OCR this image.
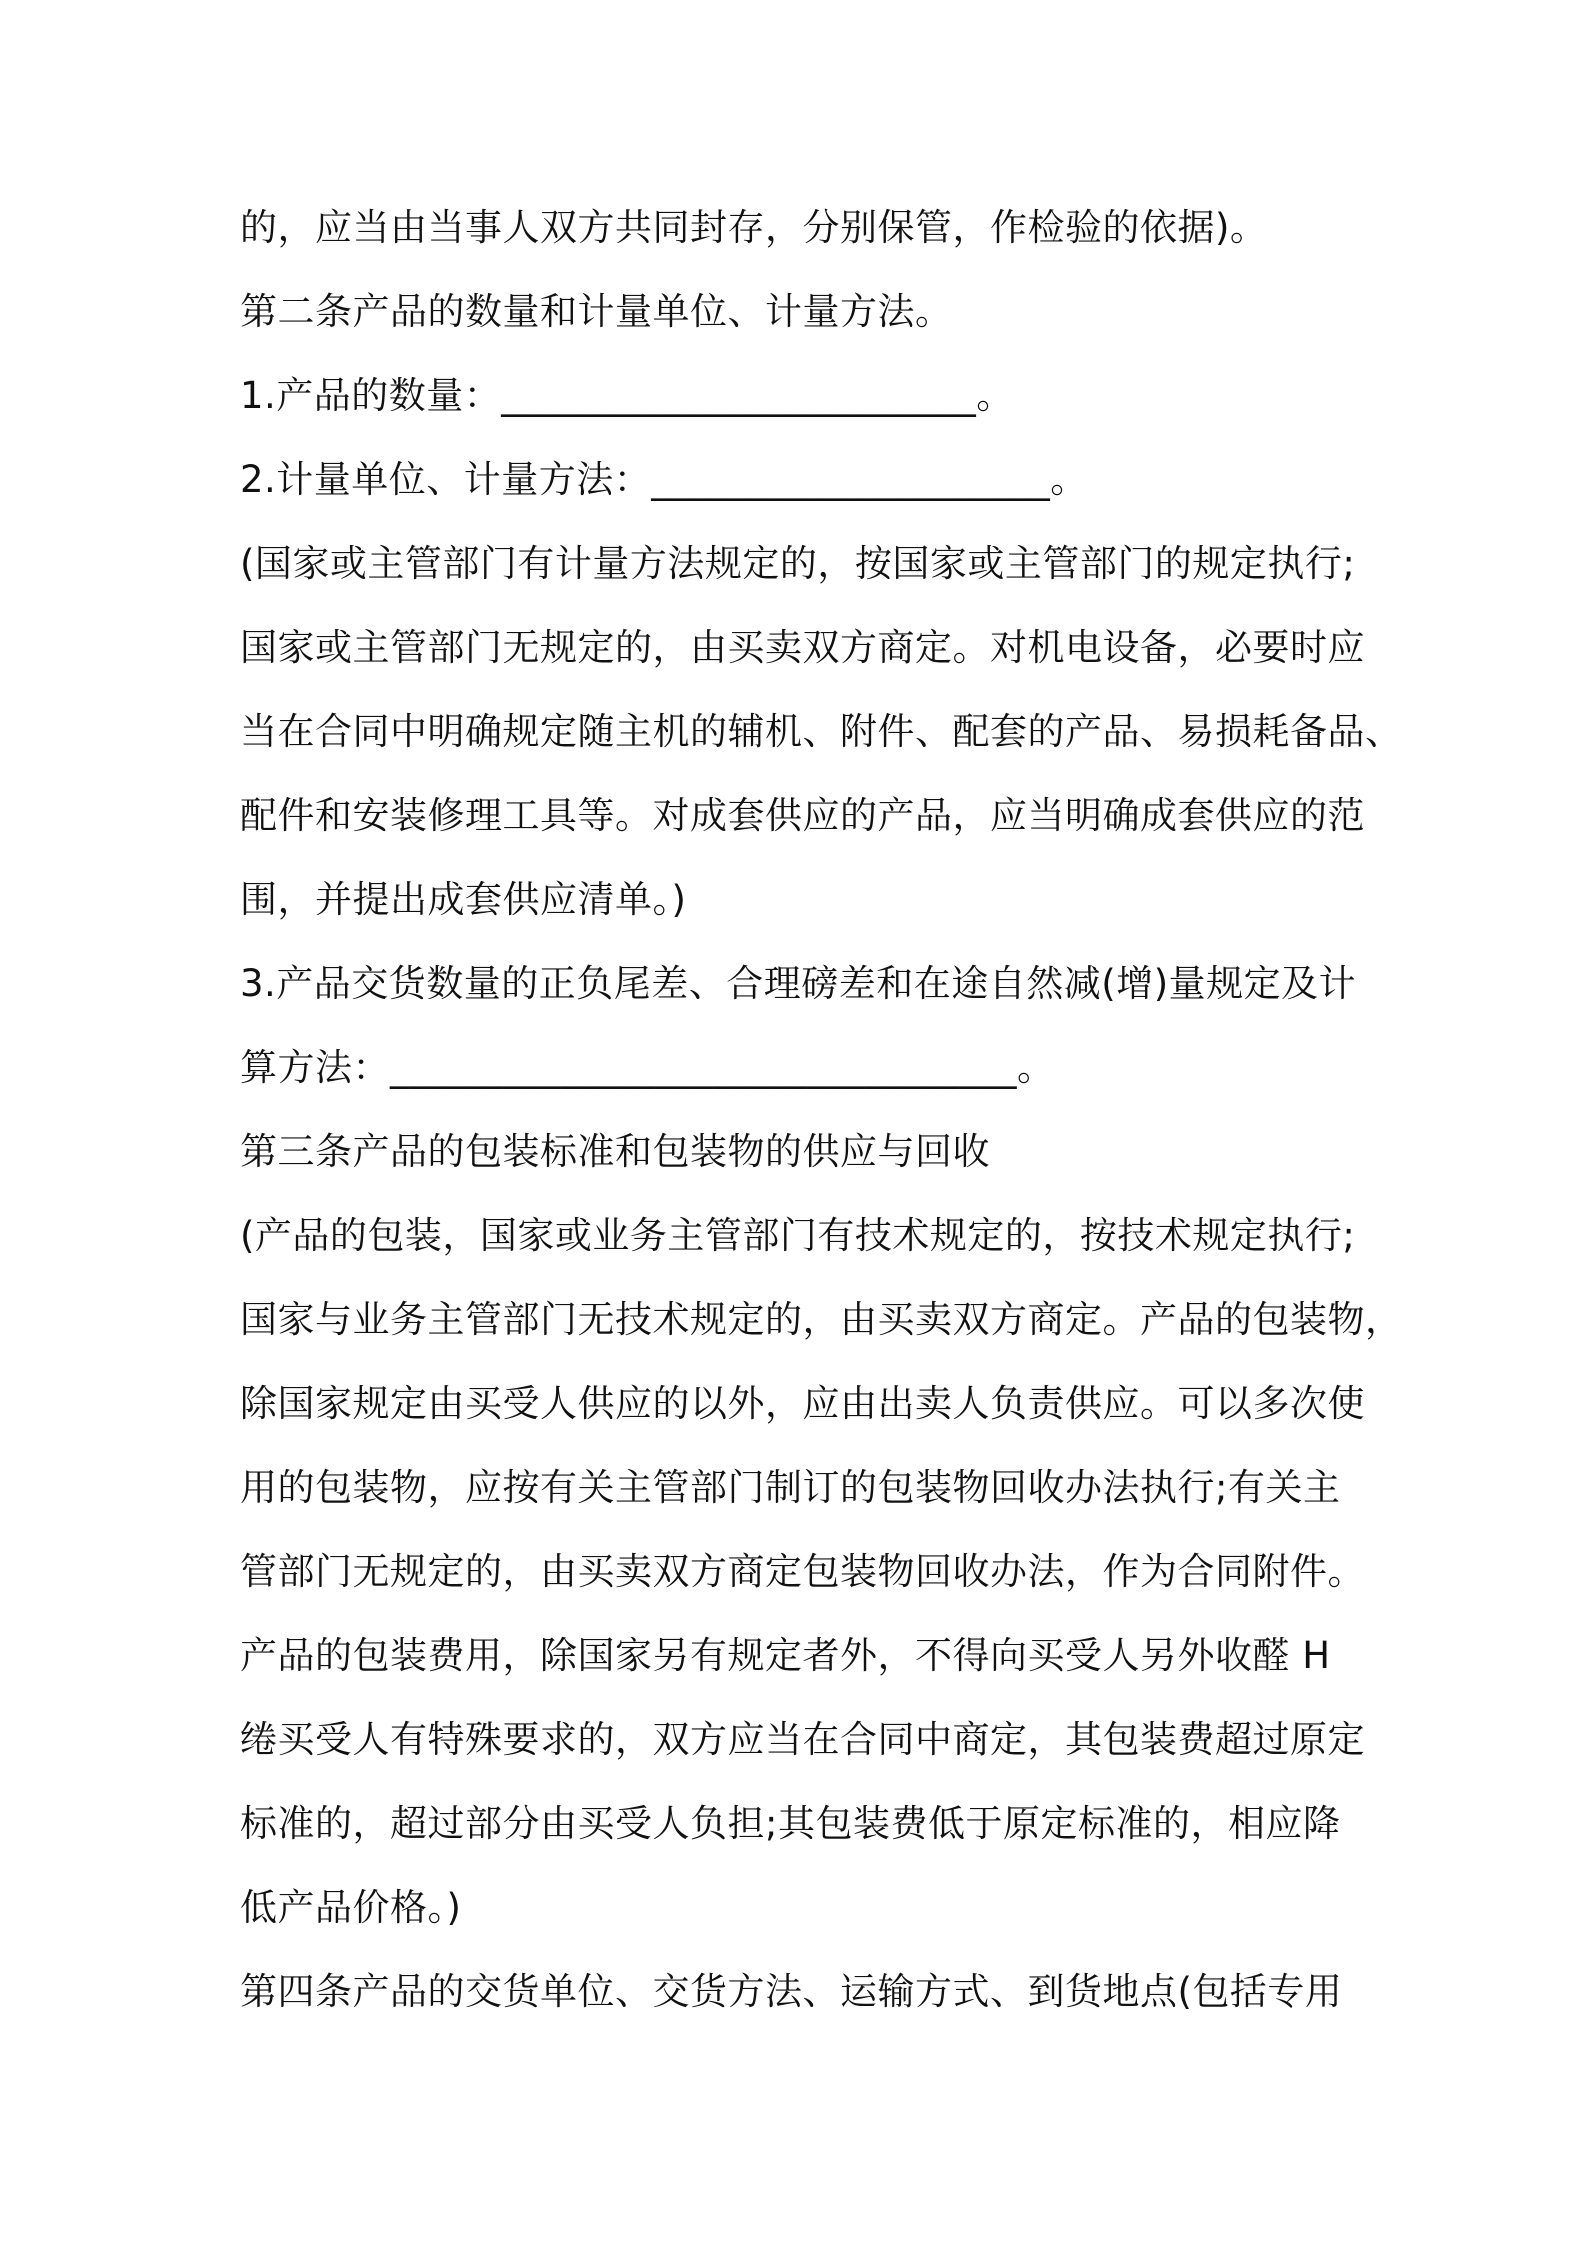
的，应当由当事人双方共同封存，分别保管，作检验的依据)。
第二条产品的数量和计量单位、计量方法。
1.产品的数量：_________________________。
2.计量单位、计量方法：_____________________。
(国家或主管部门有计量方法规定的，按国家或主管部门的规定执行;
国家或主管部门无规定的，由买卖双方商定。对机电设备，必要时应
当在合同中明确规定随主机的辅机、附件、配套的产品、易损耗备品、
配件和安装修理工具等。对成套供应的产品，应当明确成套供应的范
围，并提出成套供应清单。)
3.产品交货数量的正负尾差、合理磅差和在途自然减(增)量规定及计
算方法：_________________________________。
第三条产品的包装标准和包装物的供应与回收
(产品的包装，国家或业务主管部门有技术规定的，按技术规定执行;
国家与业务主管部门无技术规定的，由买卖双方商定。产品的包装物，
除国家规定由买受人供应的以外，应由出卖人负责供应。可以多次使
用的包装物，应按有关主管部门制订的包装物回收办法执行;有关主
管部门无规定的，由买卖双方商定包装物回收办法，作为合同附件。
产品的包装费用，除国家另有规定者外，不得向买受人另外收醛 H
绻买受人有特殊要求的，双方应当在合同中商定，其包装费超过原定
标准的，超过部分由买受人负担;其包装费低于原定标准的，相应降
低产品价格。)
第四条产品的交货单位、交货方法、运输方式、到货地点(包括专用
